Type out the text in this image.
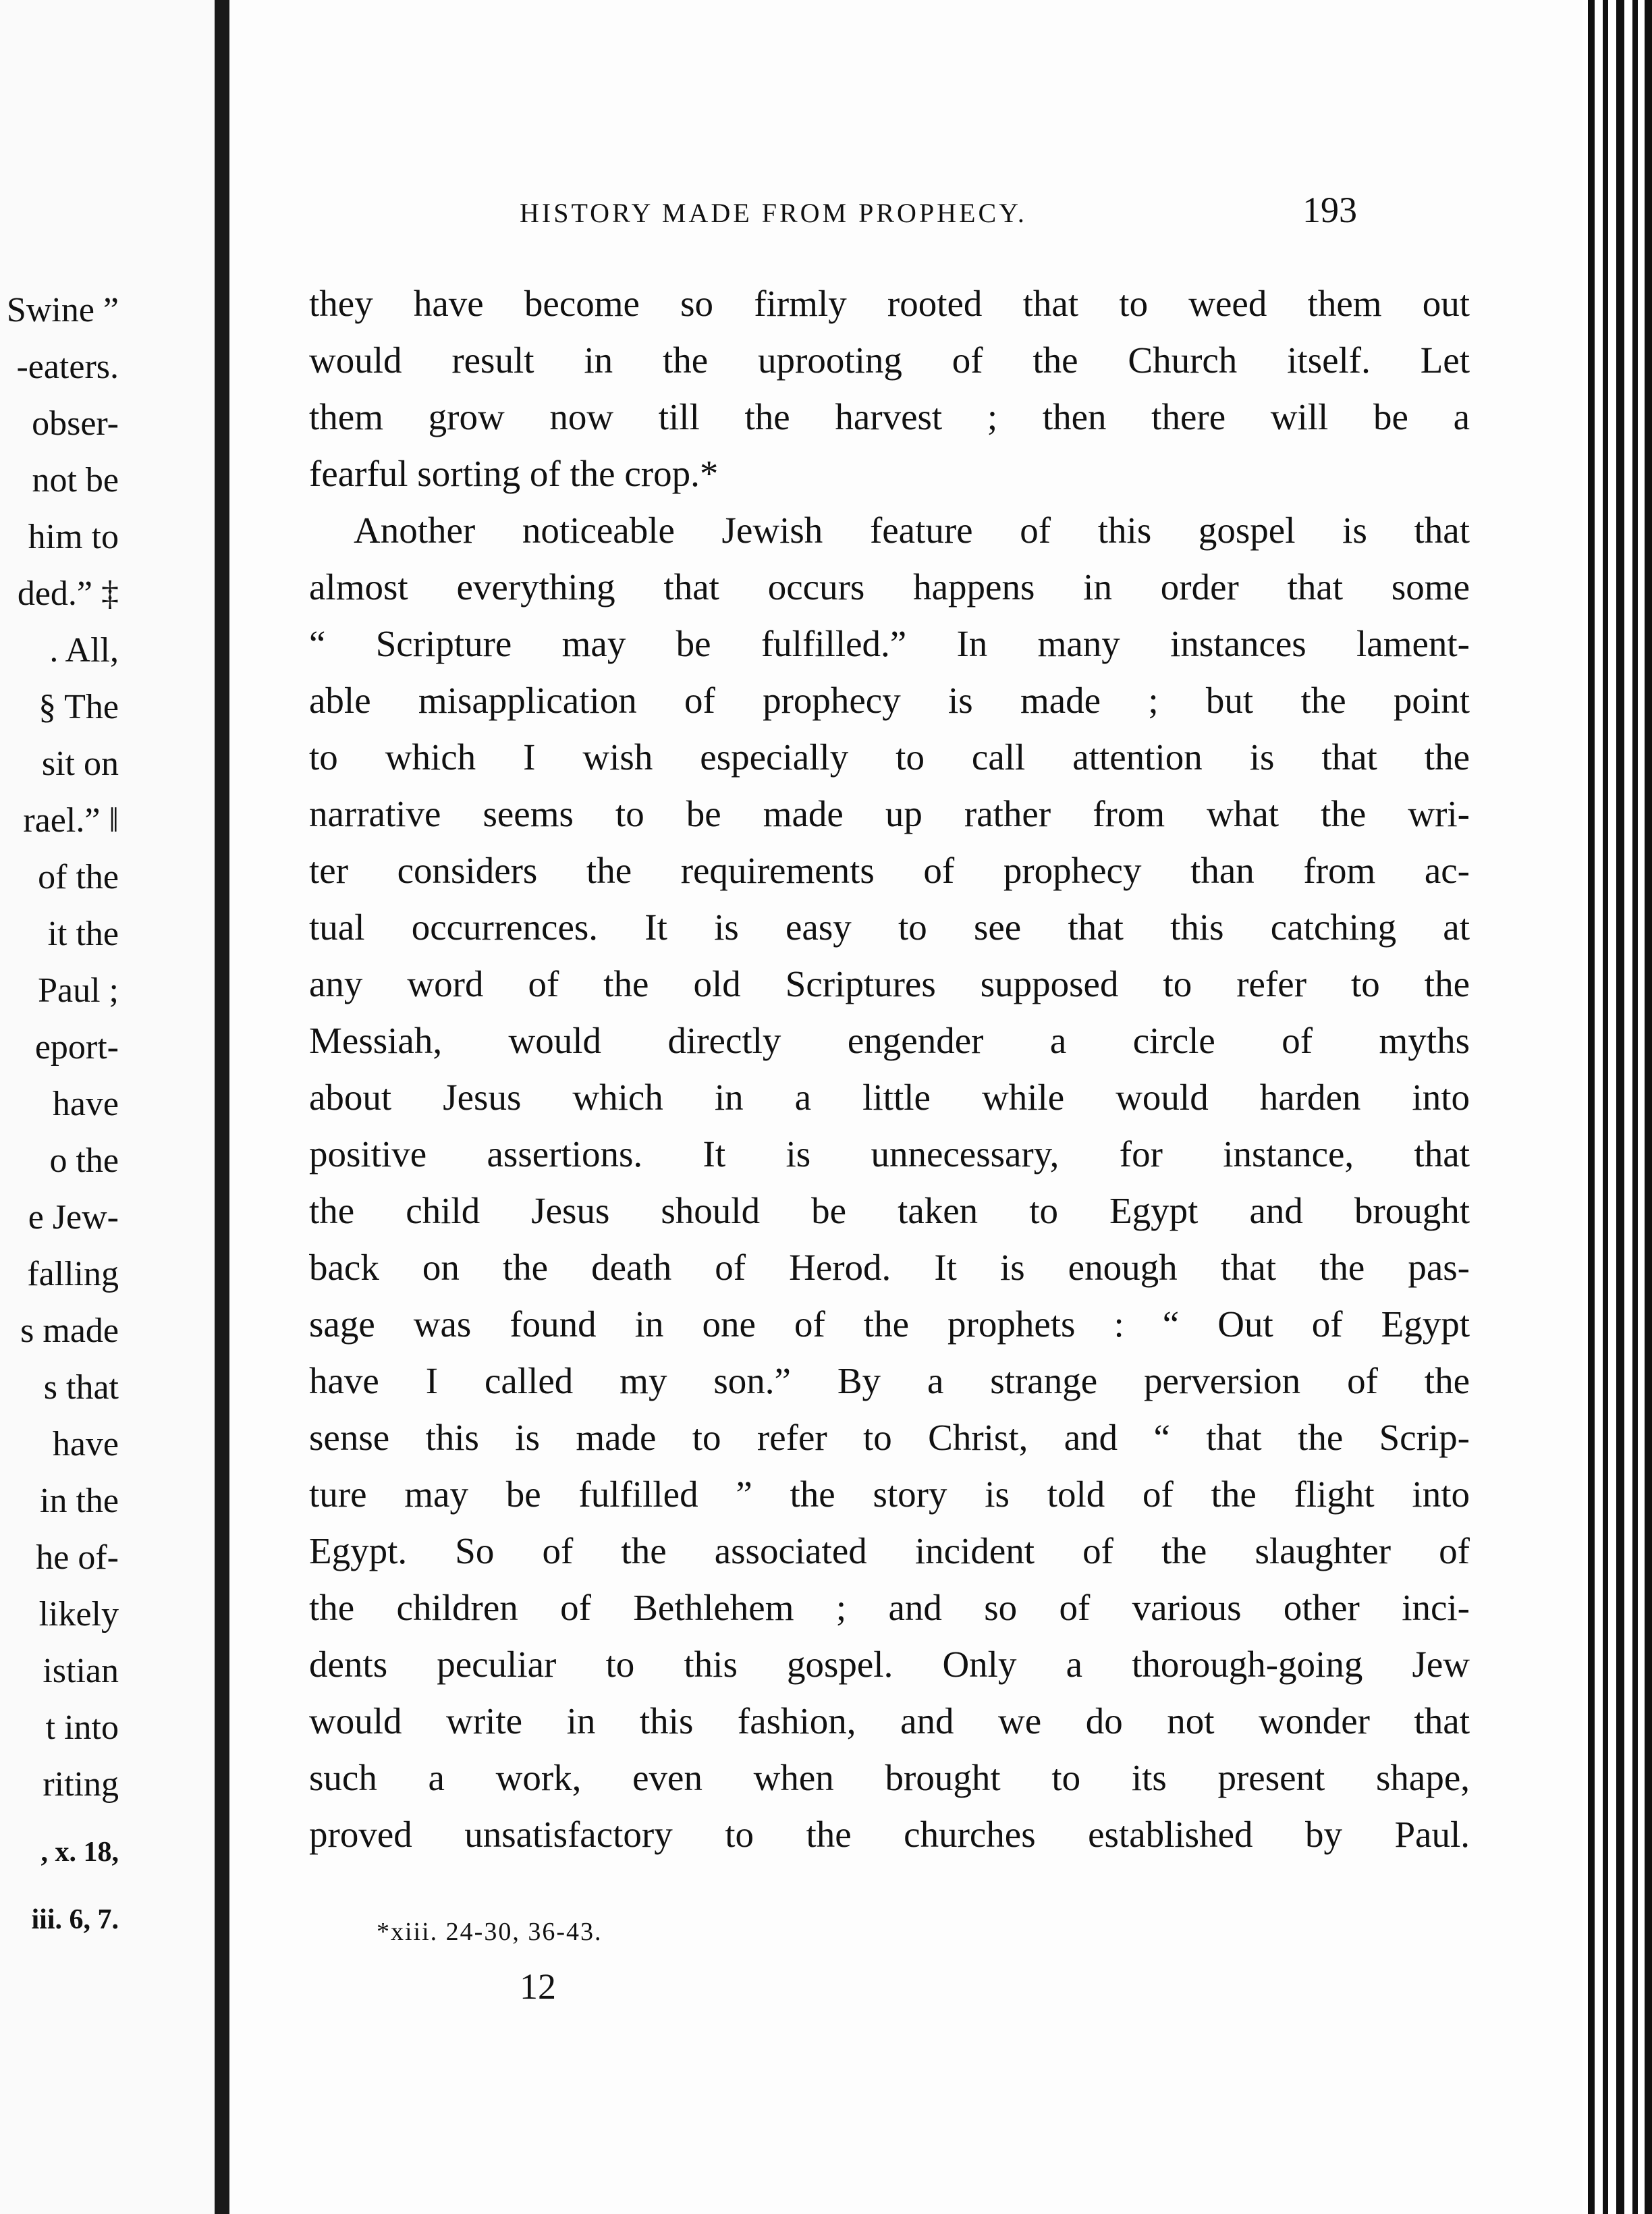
Swine ”
-eaters.
obser-
not be
him to
ded.” ‡
. All,
§ The
sit on
rael.” ‖
of the
it the
Paul ;
eport-
have
o the
e Jew-
falling
s made
s that
have
in the
he of-
likely
istian
t into
riting
, x. 18,
iii. 6, 7.
HISTORY MADE FROM PROPHECY.	193
they have become so firmly rooted that to weed them out
would result in the uprooting of the Church itself. Let
them grow now till the harvest ; then there will be a
fearful sorting of the crop.*
Another noticeable Jewish feature of this gospel is that
almost everything that occurs happens in order that some
“ Scripture may be fulfilled.” In many instances lament-
able misapplication of prophecy is made ; but the point
to which I wish especially to call attention is that the
narrative seems to be made up rather from what the wri-
ter considers the requirements of prophecy than from ac-
tual occurrences. It is easy to see that this catching at
any word of the old Scriptures supposed to refer to the
Messiah, would directly engender a circle of myths
about Jesus which in a little while would harden into
positive assertions. It is unnecessary, for instance, that
the child Jesus should be taken to Egypt and brought
back on the death of Herod. It is enough that the pas-
sage was found in one of the prophets : “ Out of Egypt
have I called my son.” By a strange perversion of the
sense this is made to refer to Christ, and “ that the Scrip-
ture may be fulfilled ” the story is told of the flight into
Egypt. So of the associated incident of the slaughter of
the children of Bethlehem ; and so of various other inci-
dents peculiar to this gospel. Only a thorough-going Jew
would write in this fashion, and we do not wonder that
such a work, even when brought to its present shape,
proved unsatisfactory to the churches established by Paul.
*xiii. 24-30, 36-43.
12
